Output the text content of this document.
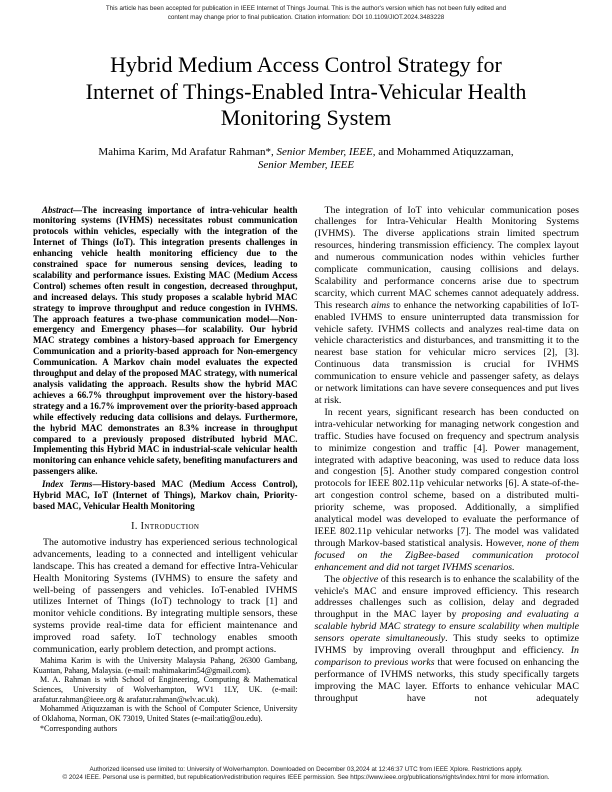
This article has been accepted for publication in IEEE Internet of Things Journal. This is the author's version which has not been fully edited and
content may change prior to final publication. Citation information: DOI 10.1109/JIOT.2024.3483228
Hybrid Medium Access Control Strategy for
Internet of Things-Enabled Intra-Vehicular Health
Monitoring System
Mahima Karim, Md Arafatur Rahman*, Senior Member, IEEE, and Mohammed Atiquzzaman,
Senior Member, IEEE

Abstract—The increasing importance of intra-vehicular health monitoring systems (IVHMS) necessitates robust communication protocols within vehicles, especially with the integration of the Internet of Things (IoT). This integration presents challenges in enhancing vehicle health monitoring efficiency due to the constrained space for numerous sensing devices, leading to scalability and performance issues. Existing MAC (Medium Access Control) schemes often result in congestion, decreased throughput, and increased delays. This study proposes a scalable hybrid MAC strategy to improve throughput and reduce congestion in IVHMS. The approach features a two-phase communication model—Non-emergency and Emergency phases—for scalability. Our hybrid MAC strategy combines a history-based approach for Emergency Communication and a priority-based approach for Non-emergency Communication. A Markov chain model evaluates the expected throughput and delay of the proposed MAC strategy, with numerical analysis validating the approach. Results show the hybrid MAC achieves a 66.7% throughput improvement over the history-based strategy and a 16.7% improvement over the priority-based approach while effectively reducing data collisions and delays. Furthermore, the hybrid MAC demonstrates an 8.3% increase in throughput compared to a previously proposed distributed hybrid MAC. Implementing this Hybrid MAC in industrial-scale vehicular health monitoring can enhance vehicle safety, benefiting manufacturers and passengers alike.

Index Terms—History-based MAC (Medium Access Control), Hybrid MAC, IoT (Internet of Things), Markov chain, Priority-based MAC, Vehicular Health Monitoring

I. Introduction

The automotive industry has experienced serious technological advancements, leading to a connected and intelligent vehicular landscape. This has created a demand for effective Intra-Vehicular Health Monitoring Systems (IVHMS) to ensure the safety and well-being of passengers and vehicles. IoT-enabled IVHMS utilizes Internet of Things (IoT) technology to track [1] and monitor vehicle conditions. By integrating multiple sensors, these systems provide real-time data for efficient maintenance and improved road safety. IoT technology enables smooth communication, early problem detection, and prompt actions.

Mahima Karim is with the University Malaysia Pahang, 26300 Gambang, Kuantan, Pahang, Malaysia. (e-mail: mahimakarim54@gmail.com).

M. A. Rahman is with School of Engineering, Computing & Mathematical Sciences, University of Wolverhampton, WV1 1LY, UK. (e-mail: arafatur.rahman@ieee.org & arafatur.rahman@wlv.ac.uk).

Mohammed Atiquzzaman is with the School of Computer Science, University of Oklahoma, Norman, OK 73019, United States (e-mail:atiq@ou.edu).

*Corresponding authors

The integration of IoT into vehicular communication poses challenges for Intra-Vehicular Health Monitoring Systems (IVHMS). The diverse applications strain limited spectrum resources, hindering transmission efficiency. The complex layout and numerous communication nodes within vehicles further complicate communication, causing collisions and delays. Scalability and performance concerns arise due to spectrum scarcity, which current MAC schemes cannot adequately address. This research aims to enhance the networking capabilities of IoT-enabled IVHMS to ensure uninterrupted data transmission for vehicle safety. IVHMS collects and analyzes real-time data on vehicle characteristics and disturbances, and transmitting it to the nearest base station for vehicular micro services [2], [3]. Continuous data transmission is crucial for IVHMS communication to ensure vehicle and passenger safety, as delays or network limitations can have severe consequences and put lives at risk.

In recent years, significant research has been conducted on intra-vehicular networking for managing network congestion and traffic. Studies have focused on frequency and spectrum analysis to minimize congestion and traffic [4]. Power management, integrated with adaptive beaconing, was used to reduce data loss and congestion [5]. Another study compared congestion control protocols for IEEE 802.11p vehicular networks [6]. A state-of-the-art congestion control scheme, based on a distributed multi-priority scheme, was proposed. Additionally, a simplified analytical model was developed to evaluate the performance of IEEE 802.11p vehicular networks [7]. The model was validated through Markov-based statistical analysis. However, none of them focused on the ZigBee-based communication protocol enhancement and did not target IVHMS scenarios.

The objective of this research is to enhance the scalability of the vehicle's MAC and ensure improved efficiency. This research addresses challenges such as collision, delay and degraded throughput in the MAC layer by proposing and evaluating a scalable hybrid MAC strategy to ensure scalability when multiple sensors operate simultaneously. This study seeks to optimize IVHMS by improving overall throughput and efficiency. In comparison to previous works that were focused on enhancing the performance of IVHMS networks, this study specifically targets improving the MAC layer. Efforts to enhance vehicular MAC throughput have not adequately

Authorized licensed use limited to: University of Wolverhampton. Downloaded on December 03,2024 at 12:46:37 UTC from IEEE Xplore. Restrictions apply.
© 2024 IEEE. Personal use is permitted, but republication/redistribution requires IEEE permission. See https://www.ieee.org/publications/rights/index.html for more information.
